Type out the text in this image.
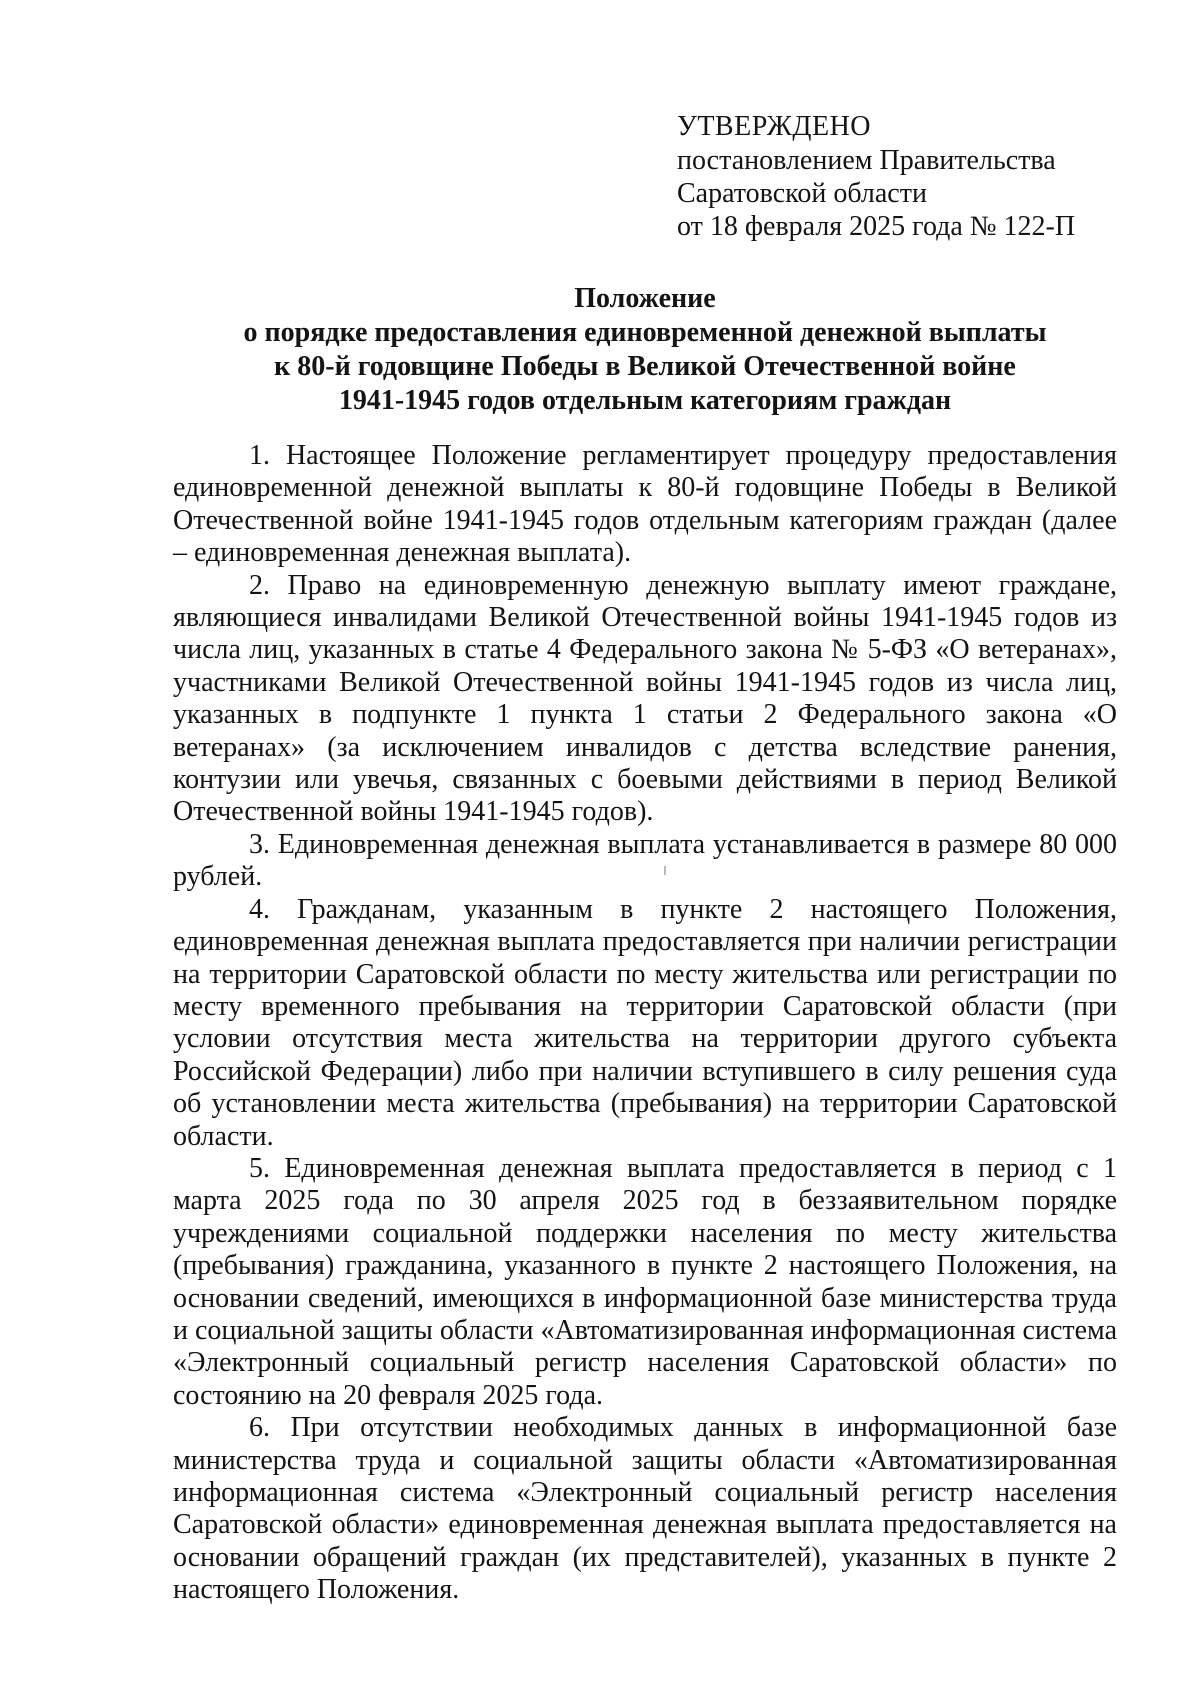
УТВЕРЖДЕНО
постановлением Правительства
Саратовской области
от 18 февраля 2025 года № 122-П
Положение
о порядке предоставления единовременной денежной выплаты
к 80-й годовщине Победы в Великой Отечественной войне
1941-1945 годов отдельным категориям граждан

1. Настоящее Положение регламентирует процедуру предоставления единовременной денежной выплаты к 80-й годовщине Победы в Великой Отечественной войне 1941-1945 годов отдельным категориям граждан (далее – единовременная денежная выплата).

2. Право на единовременную денежную выплату имеют граждане, являющиеся инвалидами Великой Отечественной войны 1941-1945 годов из числа лиц, указанных в статье 4 Федерального закона № 5-ФЗ «О ветеранах», участниками Великой Отечественной войны 1941-1945 годов из числа лиц, указанных в подпункте 1 пункта 1 статьи 2 Федерального закона «О ветеранах» (за исключением инвалидов с детства вследствие ранения, контузии или увечья, связанных с боевыми действиями в период Великой Отечественной войны 1941-1945 годов).

3. Единовременная денежная выплата устанавливается в размере 80 000 рублей.

4. Гражданам, указанным в пункте 2 настоящего Положения, единовременная денежная выплата предоставляется при наличии регистрации на территории Саратовской области по месту жительства или регистрации по месту временного пребывания на территории Саратовской области (при условии отсутствия места жительства на территории другого субъекта Российской Федерации) либо при наличии вступившего в силу решения суда об установлении места жительства (пребывания) на территории Саратовской области.

5. Единовременная денежная выплата предоставляется в период с 1 марта 2025 года по 30 апреля 2025 год в беззаявительном порядке учреждениями социальной поддержки населения по месту жительства (пребывания) гражданина, указанного в пункте 2 настоящего Положения, на основании сведений, имеющихся в информационной базе министерства труда и социальной защиты области «Автоматизированная информационная система «Электронный социальный регистр населения Саратовской области» по состоянию на 20 февраля 2025 года.

6. При отсутствии необходимых данных в информационной базе министерства труда и социальной защиты области «Автоматизированная информационная система «Электронный социальный регистр населения Саратовской области» единовременная денежная выплата предоставляется на основании обращений граждан (их представителей), указанных в пункте 2 настоящего Положения.
